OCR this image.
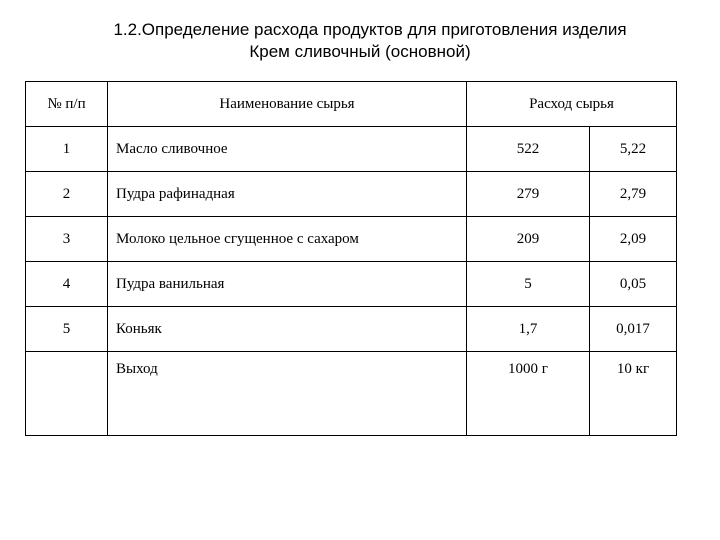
1.2.Определение расхода продуктов для приготовления изделия
Крем сливочный (основной)
№ п/п	Наименование сырья	Расход сырья	
1	Масло сливочное	522	5,22
2	Пудра рафинадная	279	2,79
3	Молоко цельное сгущенное с сахаром	209	2,09
4	Пудра ванильная	5	0,05
5	Коньяк	1,7	0,017
	Выход	1000 г	10 кг
